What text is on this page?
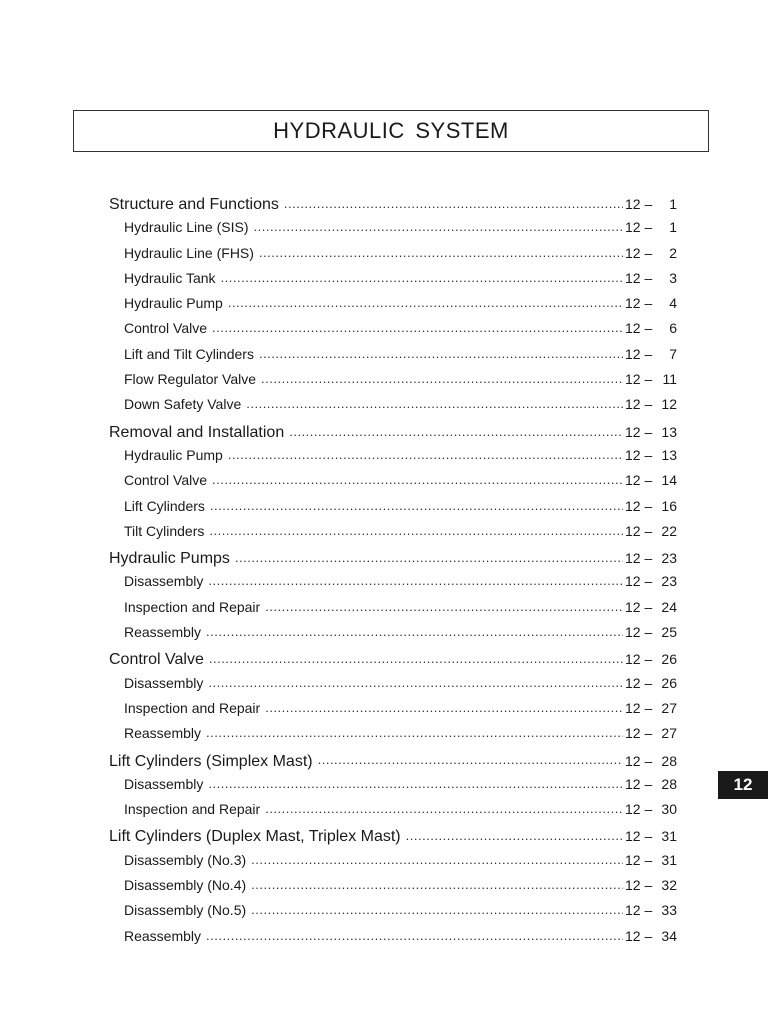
HYDRAULIC SYSTEM
Structure and Functions .....	12 –	1
Hydraulic Line (SIS) .....	12 –	1
Hydraulic Line (FHS) .....	12 –	2
Hydraulic Tank .....	12 –	3
Hydraulic Pump .....	12 –	4
Control Valve .....	12 –	6
Lift and Tilt Cylinders .....	12 –	7
Flow Regulator Valve .....	12 – 11
Down Safety Valve .....	12 – 12
Removal and Installation .....	12 – 13
Hydraulic Pump .....	12 – 13
Control Valve .....	12 – 14
Lift Cylinders .....	12 – 16
Tilt Cylinders .....	12 – 22
Hydraulic Pumps .....	12 – 23
Disassembly .....	12 – 23
Inspection and Repair .....	12 – 24
Reassembly .....	12 – 25
Control Valve .....	12 – 26
Disassembly .....	12 – 26
Inspection and Repair .....	12 – 27
Reassembly .....	12 – 27
Lift Cylinders (Simplex Mast) .....	12 – 28
Disassembly .....	12 – 28
Inspection and Repair .....	12 – 30
Lift Cylinders (Duplex Mast, Triplex Mast) .....	12 – 31
Disassembly (No.3) .....	12 – 31
Disassembly (No.4) .....	12 – 32
Disassembly (No.5) .....	12 – 33
Reassembly .....	12 – 34
12
